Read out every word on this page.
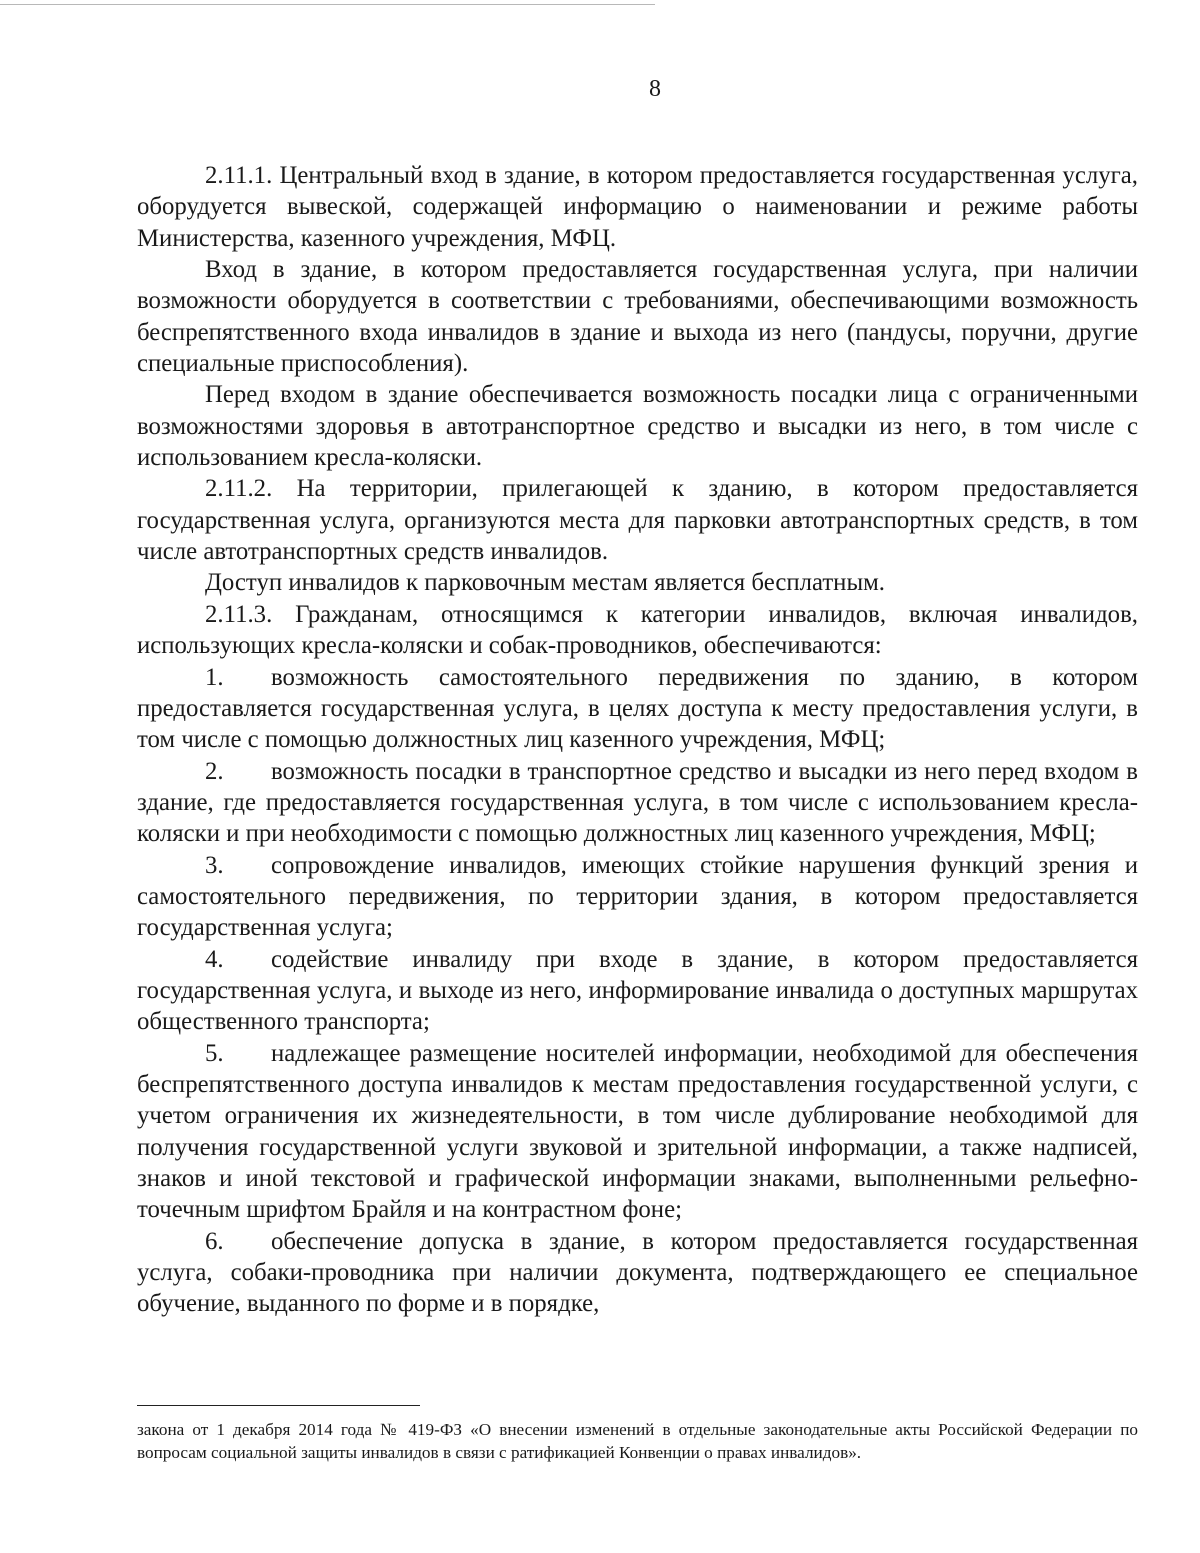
8

2.11.1. Центральный вход в здание, в котором предоставляется государственная услуга, оборудуется вывеской, содержащей информацию о наименовании и режиме работы Министерства, казенного учреждения, МФЦ.

Вход в здание, в котором предоставляется государственная услуга, при наличии возможности оборудуется в соответствии с требованиями, обеспечивающими возможность беспрепятственного входа инвалидов в здание и выхода из него (пандусы, поручни, другие специальные приспособления).

Перед входом в здание обеспечивается возможность посадки лица с ограниченными возможностями здоровья в автотранспортное средство и высадки из него, в том числе с использованием кресла-коляски.

2.11.2. На территории, прилегающей к зданию, в котором предоставляется государственная услуга, организуются места для парковки автотранспортных средств, в том числе автотранспортных средств инвалидов.

Доступ инвалидов к парковочным местам является бесплатным.

2.11.3. Гражданам, относящимся к категории инвалидов, включая инвалидов, использующих кресла-коляски и собак-проводников, обеспечиваются:

1. возможность самостоятельного передвижения по зданию, в котором предоставляется государственная услуга, в целях доступа к месту предоставления услуги, в том числе с помощью должностных лиц казенного учреждения, МФЦ;

2. возможность посадки в транспортное средство и высадки из него перед входом в здание, где предоставляется государственная услуга, в том числе с использованием кресла-коляски и при необходимости с помощью должностных лиц казенного учреждения, МФЦ;

3. сопровождение инвалидов, имеющих стойкие нарушения функций зрения и самостоятельного передвижения, по территории здания, в котором предоставляется государственная услуга;

4. содействие инвалиду при входе в здание, в котором предоставляется государственная услуга, и выходе из него, информирование инвалида о доступных маршрутах общественного транспорта;

5. надлежащее размещение носителей информации, необходимой для обеспечения беспрепятственного доступа инвалидов к местам предоставления государственной услуги, с учетом ограничения их жизнедеятельности, в том числе дублирование необходимой для получения государственной услуги звуковой и зрительной информации, а также надписей, знаков и иной текстовой и графической информации знаками, выполненными рельефно-точечным шрифтом Брайля и на контрастном фоне;

6. обеспечение допуска в здание, в котором предоставляется государственная услуга, собаки-проводника при наличии документа, подтверждающего ее специальное обучение, выданного по форме и в порядке,

закона от 1 декабря 2014 года № 419-ФЗ «О внесении изменений в отдельные законодательные акты Российской Федерации по вопросам социальной защиты инвалидов в связи с ратификацией Конвенции о правах инвалидов».
